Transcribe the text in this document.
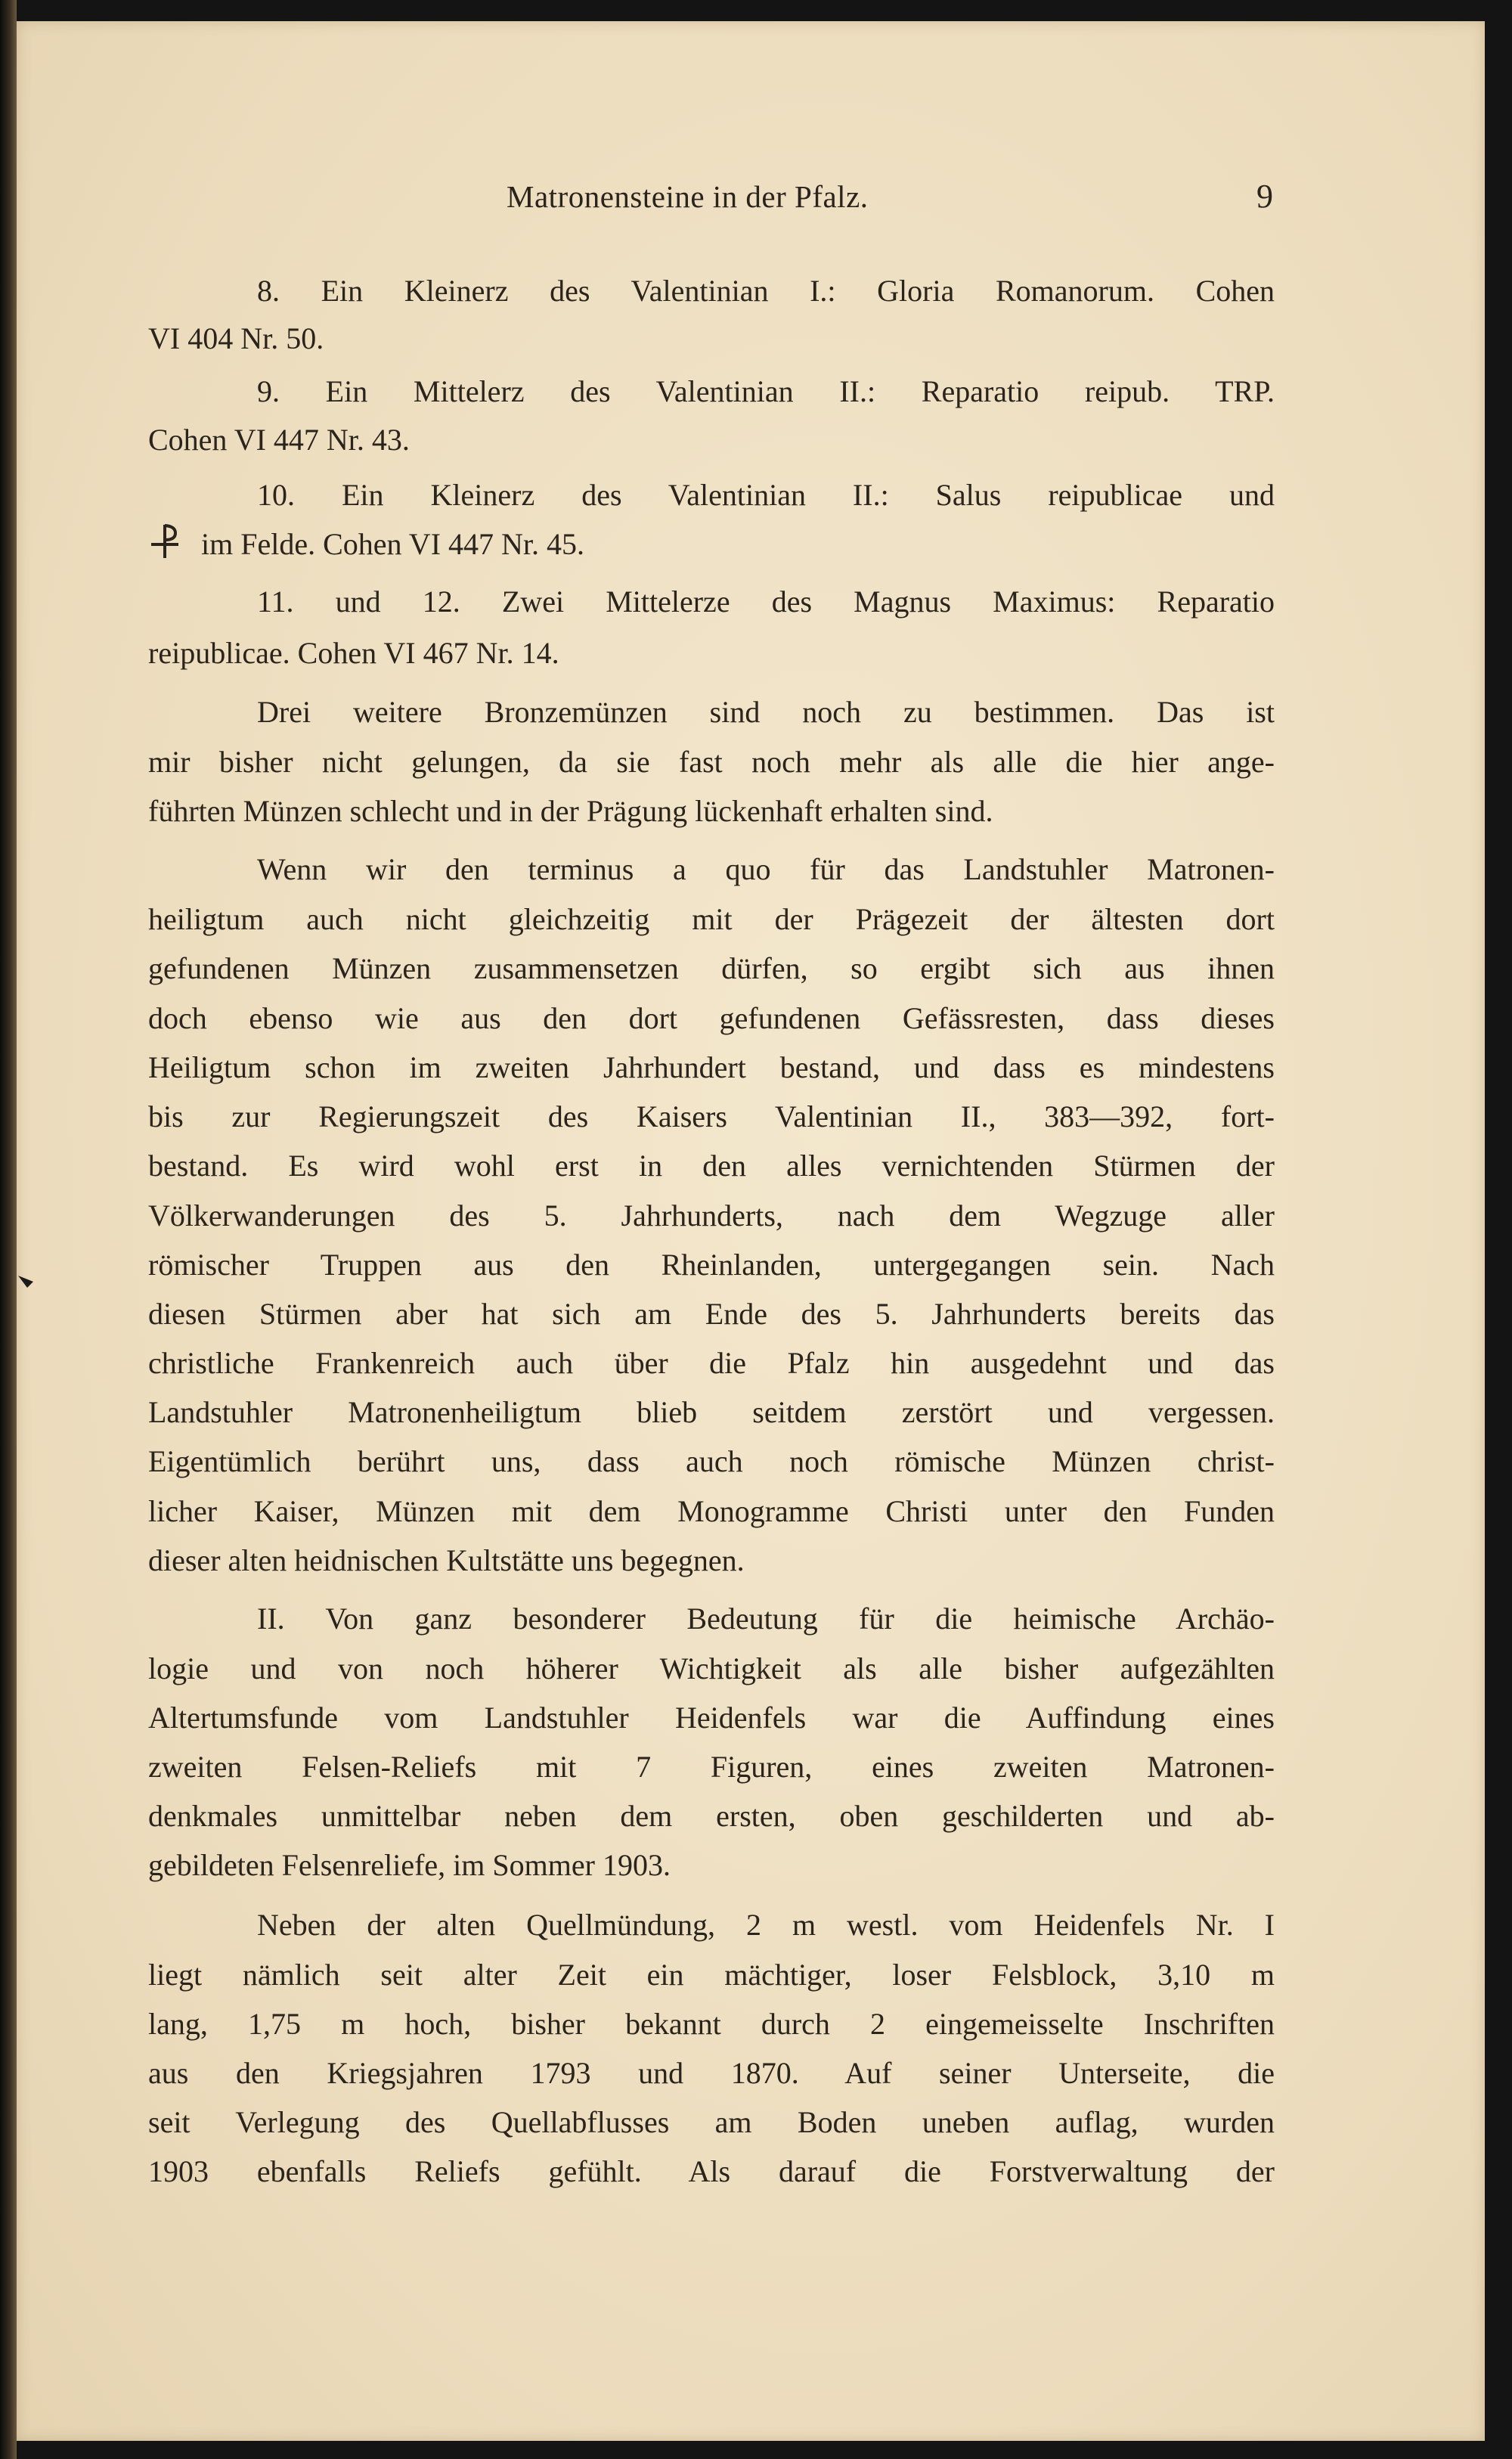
Matronensteine in der Pfalz.	9
8. Ein Kleinerz des Valentinian I.: Gloria Romanorum. Cohen
VI 404 Nr. 50.
9. Ein Mittelerz des Valentinian II.: Reparatio reipub. TRP.
Cohen VI 447 Nr. 43.
10. Ein Kleinerz des Valentinian II.: Salus reipublicae und
im Felde. Cohen VI 447 Nr. 45.
11. und 12. Zwei Mittelerze des Magnus Maximus: Reparatio
reipublicae. Cohen VI 467 Nr. 14.
Drei weitere Bronzemünzen sind noch zu bestimmen. Das ist
mir bisher nicht gelungen, da sie fast noch mehr als alle die hier ange-
führten Münzen schlecht und in der Prägung lückenhaft erhalten sind.
Wenn wir den terminus a quo für das Landstuhler Matronen-
heiligtum auch nicht gleichzeitig mit der Prägezeit der ältesten dort
gefundenen Münzen zusammensetzen dürfen, so ergibt sich aus ihnen
doch ebenso wie aus den dort gefundenen Gefässresten, dass dieses
Heiligtum schon im zweiten Jahrhundert bestand, und dass es mindestens
bis zur Regierungszeit des Kaisers Valentinian II., 383—392, fort-
bestand. Es wird wohl erst in den alles vernichtenden Stürmen der
Völkerwanderungen des 5. Jahrhunderts, nach dem Wegzuge aller
römischer Truppen aus den Rheinlanden, untergegangen sein. Nach
diesen Stürmen aber hat sich am Ende des 5. Jahrhunderts bereits das
christliche Frankenreich auch über die Pfalz hin ausgedehnt und das
Landstuhler Matronenheiligtum blieb seitdem zerstört und vergessen.
Eigentümlich berührt uns, dass auch noch römische Münzen christ-
licher Kaiser, Münzen mit dem Monogramme Christi unter den Funden
dieser alten heidnischen Kultstätte uns begegnen.
II. Von ganz besonderer Bedeutung für die heimische Archäo-
logie und von noch höherer Wichtigkeit als alle bisher aufgezählten
Altertumsfunde vom Landstuhler Heidenfels war die Auffindung eines
zweiten Felsen-Reliefs mit 7 Figuren, eines zweiten Matronen-
denkmales unmittelbar neben dem ersten, oben geschilderten und ab-
gebildeten Felsenreliefe, im Sommer 1903.
Neben der alten Quellmündung, 2 m westl. vom Heidenfels Nr. I
liegt nämlich seit alter Zeit ein mächtiger, loser Felsblock, 3,10 m
lang, 1,75 m hoch, bisher bekannt durch 2 eingemeisselte Inschriften
aus den Kriegsjahren 1793 und 1870. Auf seiner Unterseite, die
seit Verlegung des Quellabflusses am Boden uneben auflag, wurden
1903 ebenfalls Reliefs gefühlt. Als darauf die Forstverwaltung der
